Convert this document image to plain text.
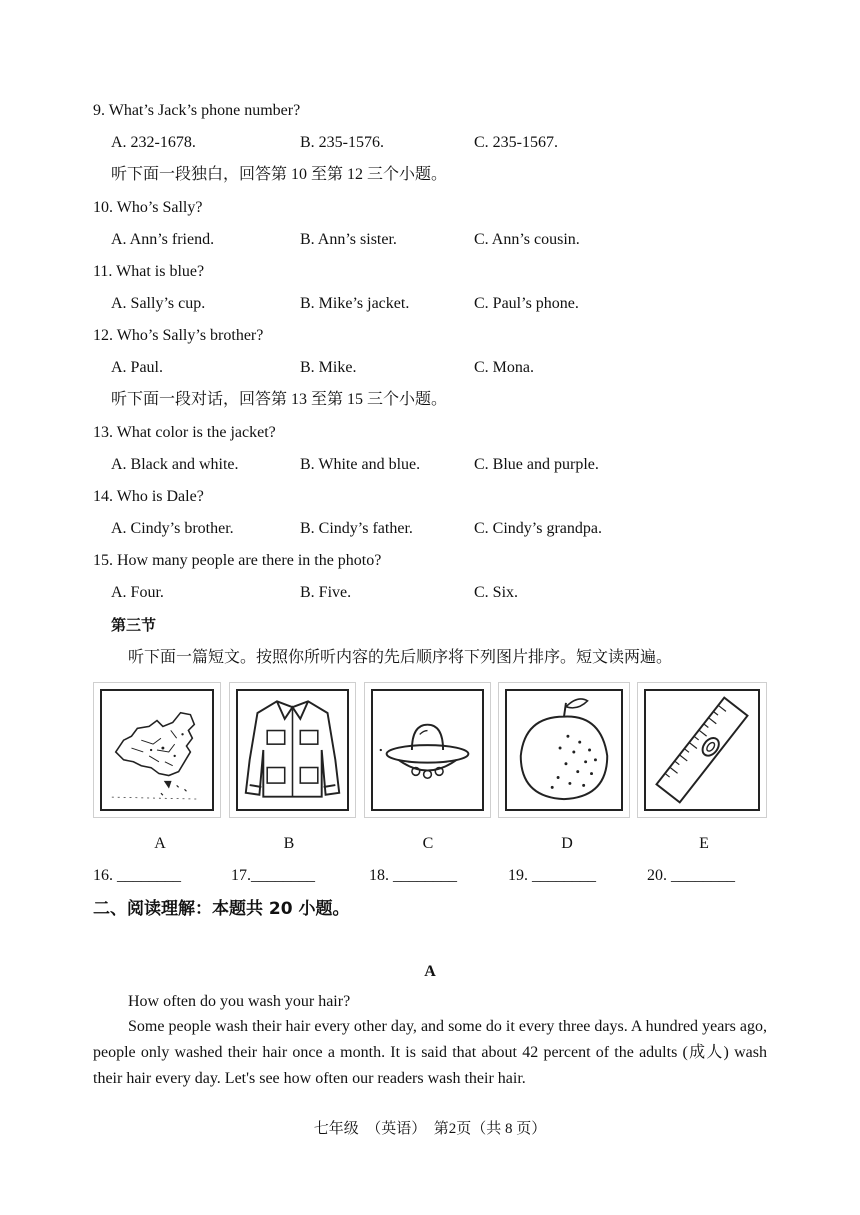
9. What’s Jack’s phone number?
A. 232-1678.	B. 235-1576.	C. 235-1567.
听下面一段独白，回答第 10 至第 12 三个小题。
10. Who’s Sally?
A. Ann’s friend.	B. Ann’s sister.	C. Ann’s cousin.
11. What is blue?
A. Sally’s cup.	B. Mike’s jacket.	C. Paul’s phone.
12. Who’s Sally’s brother?
A. Paul.	B. Mike.	C. Mona.
听下面一段对话，回答第 13 至第 15 三个小题。
13. What color is the jacket?
A. Black and white.	B. White and blue.	C. Blue and purple.
14. Who is Dale?
A. Cindy’s brother.	B. Cindy’s father.	C. Cindy’s grandpa.
15. How many people are there in the photo?
A. Four.	B. Five.	C. Six.
第三节
听下面一篇短文。按照你所听内容的先后顺序将下列图片排序。短文读两遍。
A	B	C	D	E
16. ________	17.________	18. ________	19. ________	20. ________
二、阅读理解：本题共 20 小题。
A
How often do you wash your hair?
Some people wash their hair every other day, and some do it every three days. A hundred years ago, people only washed their hair once a month. It is said that about 42 percent of the adults (成人) wash their hair every day. Let's see how often our readers wash their hair.
七年级　（英语）　第2页（共 8 页）
